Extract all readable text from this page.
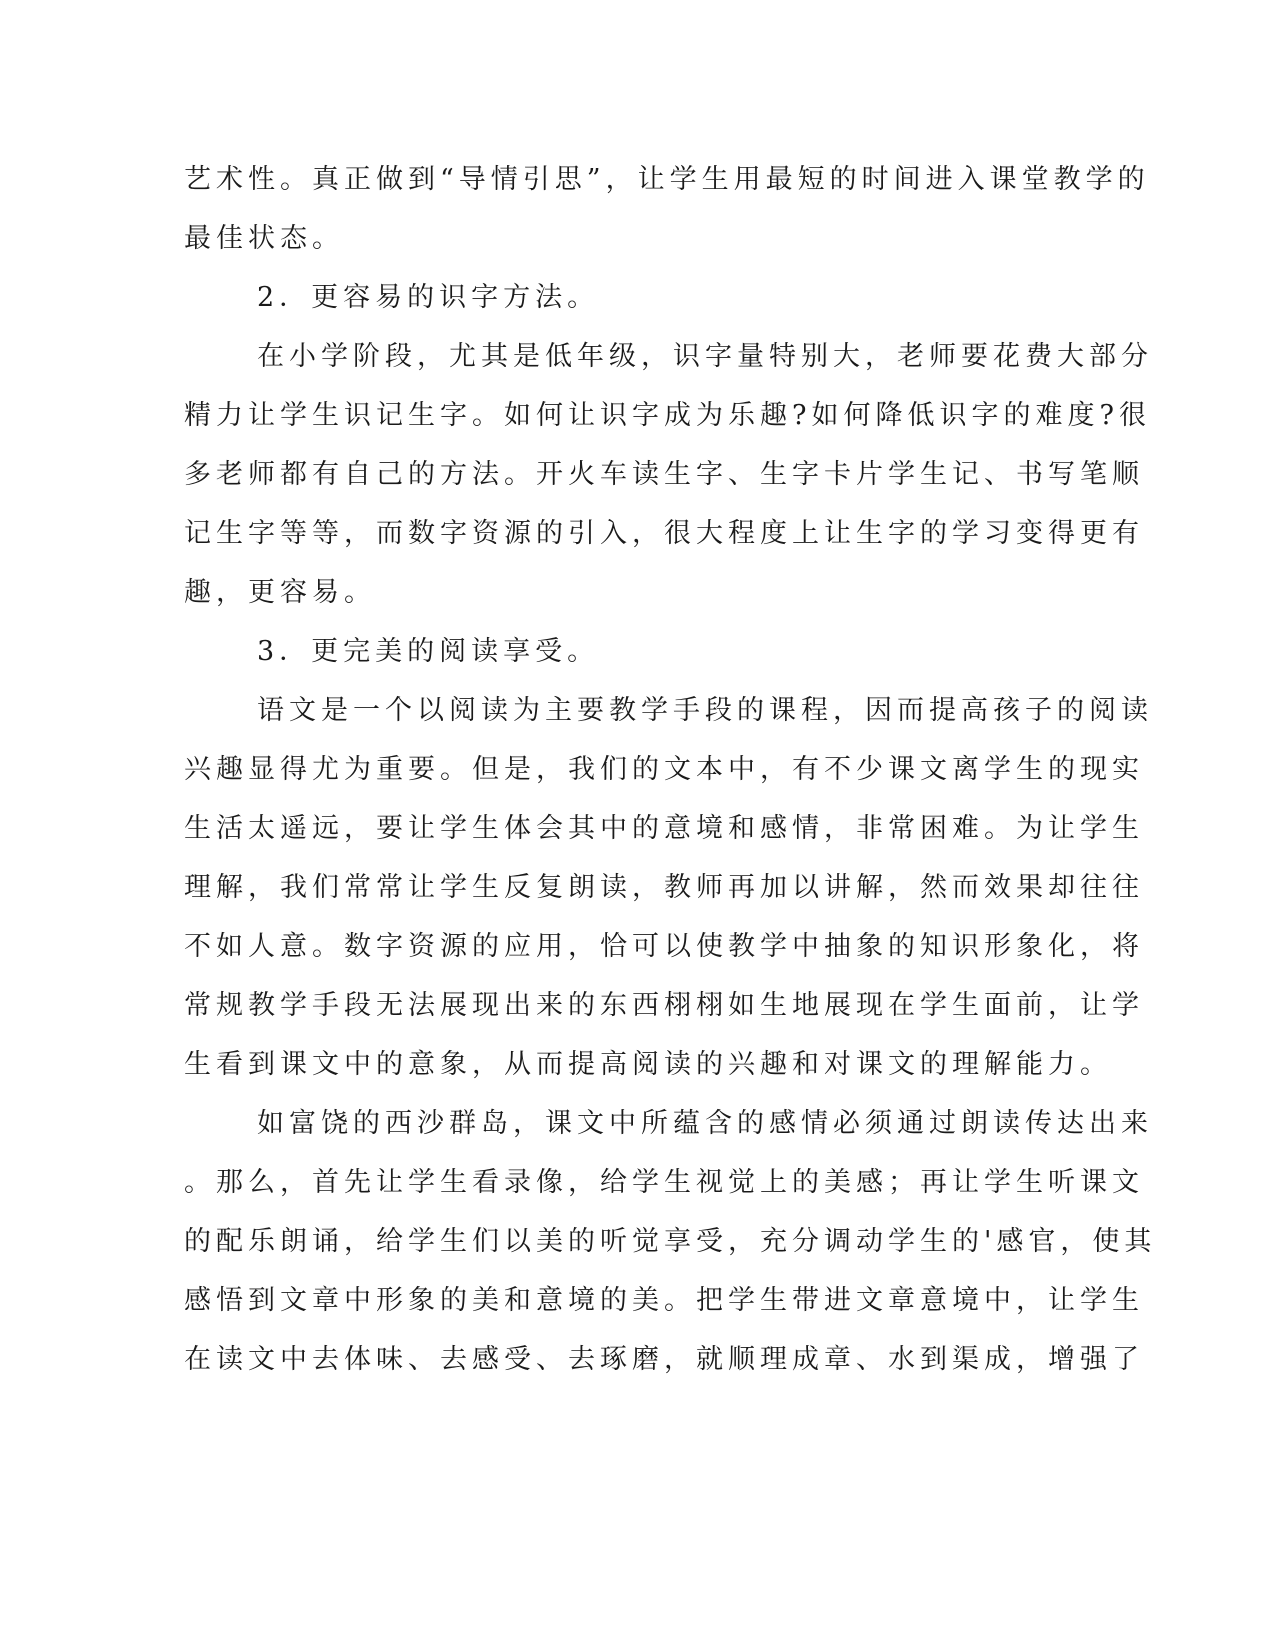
艺术性。真正做到“导情引思”，让学生用最短的时间进入课堂教学的
最佳状态。
2．更容易的识字方法。
在小学阶段，尤其是低年级，识字量特别大，老师要花费大部分
精力让学生识记生字。如何让识字成为乐趣?如何降低识字的难度?很
多老师都有自己的方法。开火车读生字、生字卡片学生记、书写笔顺
记生字等等，而数字资源的引入，很大程度上让生字的学习变得更有
趣，更容易。
3．更完美的阅读享受。
语文是一个以阅读为主要教学手段的课程，因而提高孩子的阅读
兴趣显得尤为重要。但是，我们的文本中，有不少课文离学生的现实
生活太遥远，要让学生体会其中的意境和感情，非常困难。为让学生
理解，我们常常让学生反复朗读，教师再加以讲解，然而效果却往往
不如人意。数字资源的应用，恰可以使教学中抽象的知识形象化，将
常规教学手段无法展现出来的东西栩栩如生地展现在学生面前，让学
生看到课文中的意象，从而提高阅读的兴趣和对课文的理解能力。
如富饶的西沙群岛，课文中所蕴含的感情必须通过朗读传达出来
。那么，首先让学生看录像，给学生视觉上的美感；再让学生听课文
的配乐朗诵，给学生们以美的听觉享受，充分调动学生的'感官，使其
感悟到文章中形象的美和意境的美。把学生带进文章意境中，让学生
在读文中去体味、去感受、去琢磨，就顺理成章、水到渠成，增强了
